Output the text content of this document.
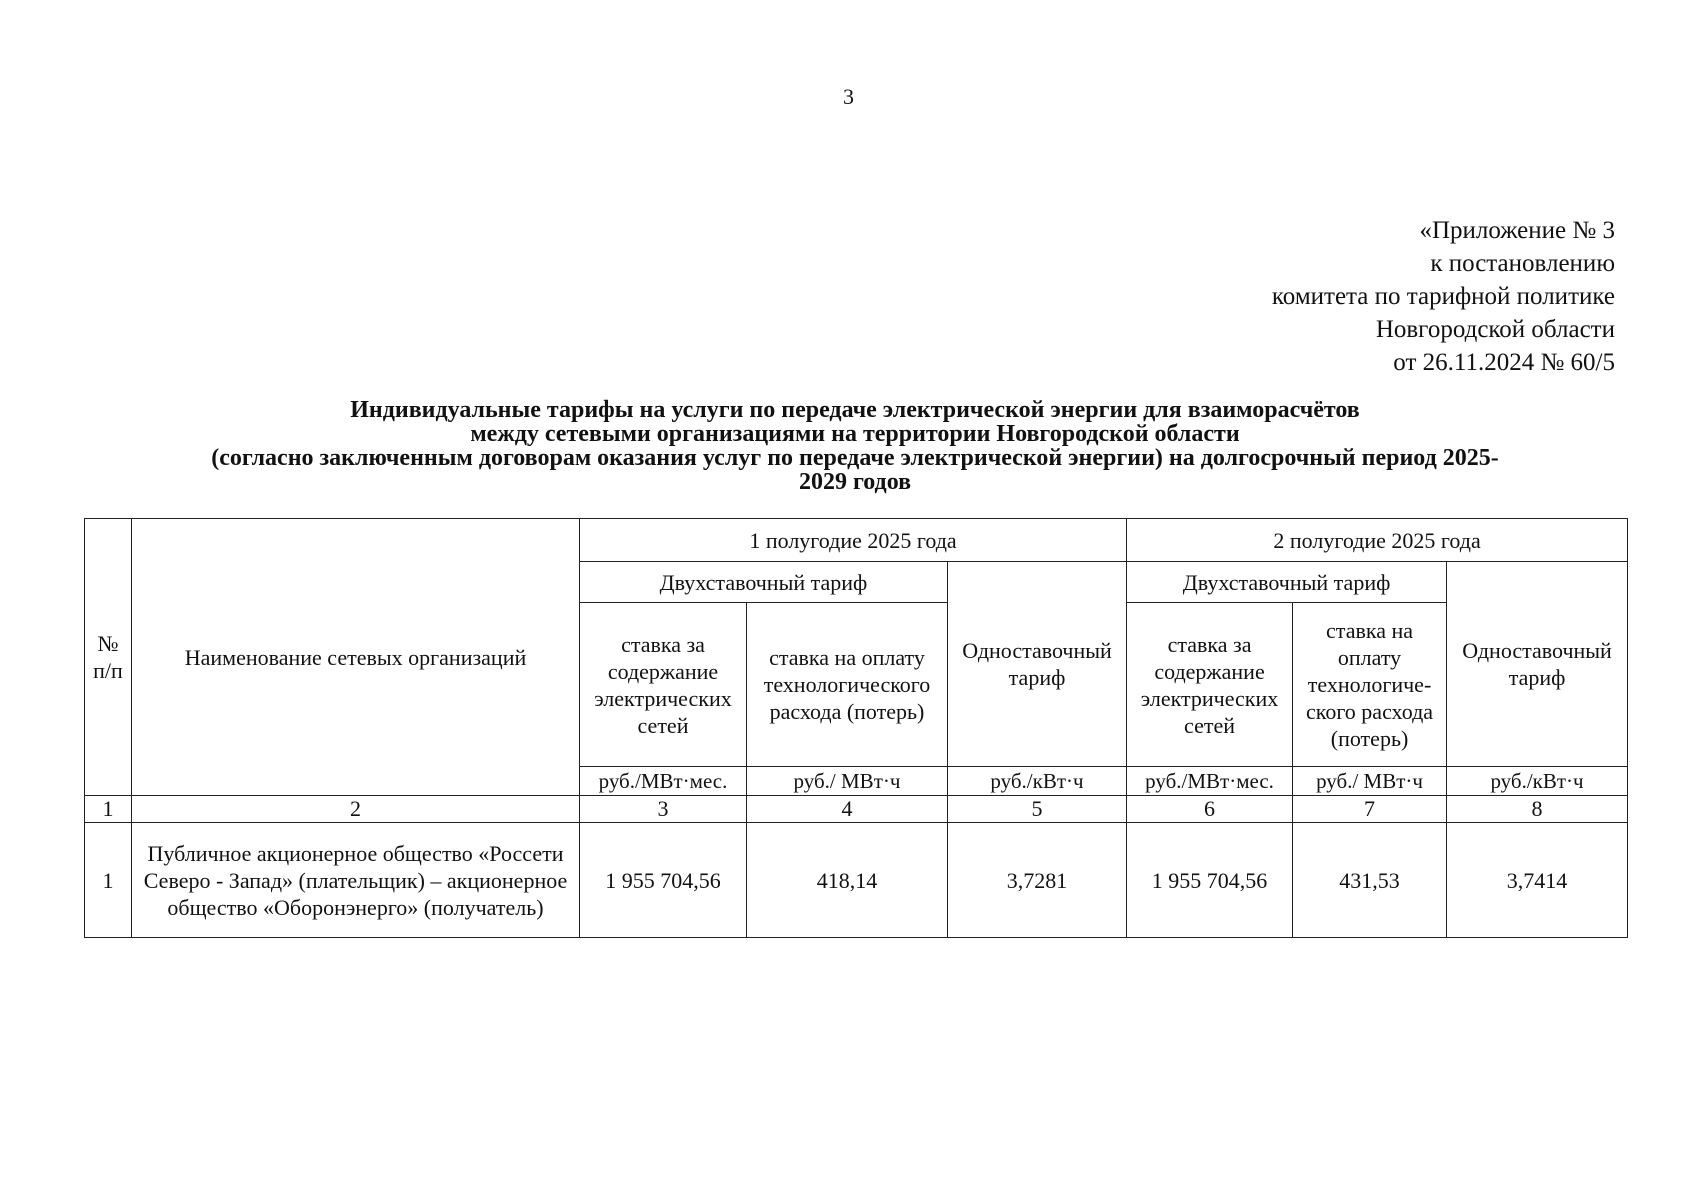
3
«Приложение № 3
к постановлению
комитета по тарифной политике
Новгородской области
от 26.11.2024 № 60/5
Индивидуальные тарифы на услуги по передаче электрической энергии для взаиморасчётов
между сетевыми организациями на территории Новгородской области
(согласно заключенным договорам оказания услуг по передаче электрической энергии) на долгосрочный период 2025-
2029 годов
№ п/п	Наименование сетевых организаций	1 полугодие 2025 года			2 полугодие 2025 года		
		Двухставочный тариф		Одноставочный тариф	Двухставочный тариф		Одноставочный тариф
		ставка за содержание электрических сетей	ставка на оплату технологического расхода (потерь)		ставка за содержание электрических сетей	ставка на оплату технологиче-ского расхода (потерь)	
		руб./МВт·мес.	руб./ МВт·ч	руб./кВт·ч	руб./МВт·мес.	руб./ МВт·ч	руб./кВт·ч
1	2	3	4	5	6	7	8
1	Публичное акционерное общество «Россети Северо - Запад» (плательщик) – акционерное общество «Оборонэнерго» (получатель)	1 955 704,56	418,14	3,7281	1 955 704,56	431,53	3,7414
